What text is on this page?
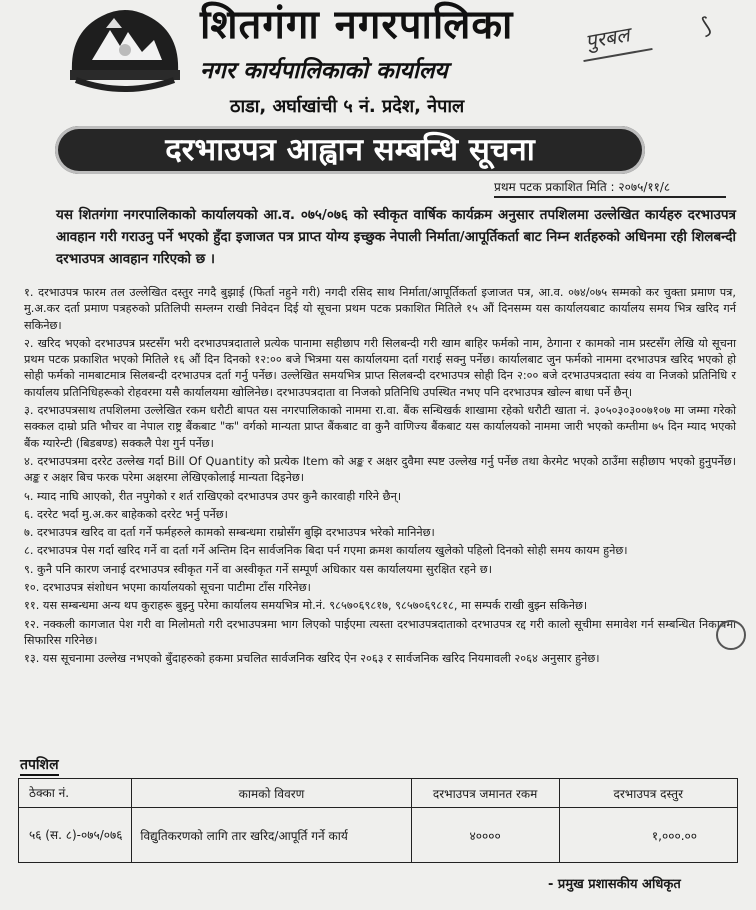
शितगंगा नगरपालिका
नगर कार्यपालिकाको कार्यालय
ठाडा, अर्घाखांची ५ नं. प्रदेश, नेपाल
पुरबल	⟆
दरभाउपत्र आह्वान सम्बन्धि सूचना
प्रथम पटक प्रकाशित मिति : २०७५/११/८
यस शितगंगा नगरपालिकाको कार्यालयको आ.व. ०७५/०७६ को स्वीकृत वार्षिक कार्यक्रम अनुसार तपशिलमा उल्लेखित कार्यहरु दरभाउपत्र आवहान गरी गराउनु पर्ने भएको हुँदा इजाजत पत्र प्राप्त योग्य इच्छुक नेपाली निर्माता/आपूर्तिकर्ता बाट निम्न शर्तहरुको अधिनमा रही शिलबन्दी दरभाउपत्र आवहान गरिएको छ ।

१. दरभाउपत्र फारम तल उल्लेखित दस्तुर नगदै बुझाई (फिर्ता नहुने गरी) नगदी रसिद साथ निर्माता/आपूर्तिकर्ता इजाजत पत्र, आ.व. ०७४/०७५ सम्मको कर चुक्ता प्रमाण पत्र, मु.अ.कर दर्ता प्रमाण पत्रहरुको प्रतिलिपी सम्लग्न राखी निवेदन दिई यो सूचना प्रथम पटक प्रकाशित मितिले १५ औं दिनसम्म यस कार्यालयबाट कार्यालय समय भित्र खरिद गर्न सकिनेछ।

२. खरिद भएको दरभाउपत्र प्रस्टसँग भरी दरभाउपत्रदाताले प्रत्येक पानामा सहीछाप गरी सिलबन्दी गरी खाम बाहिर फर्मको नाम, ठेगाना र कामको नाम प्रस्टसँग लेखि यो सूचना प्रथम पटक प्रकाशित भएको मितिले १६ औं दिन दिनको १२:०० बजे भित्रमा यस कार्यालयमा दर्ता गराई सक्नु पर्नेछ। कार्यालबाट जुन फर्मको नाममा दरभाउपत्र खरिद भएको हो सोही फर्मको नामबाटमात्र सिलबन्दी दरभाउपत्र दर्ता गर्नु पर्नेछ। उल्लेखित समयभित्र प्राप्त सिलबन्दी दरभाउपत्र सोही दिन २:०० बजे दरभाउपत्रदाता स्वंय वा निजको प्रतिनिधि र कार्यालय प्रतिनिधिहरूको रोहवरमा यसै कार्यालयमा खोलिनेछ। दरभाउपत्रदाता वा निजको प्रतिनिधि उपस्थित नभए पनि दरभाउपत्र खोल्न बाधा पर्ने छैन्।

३. दरभाउपत्रसाथ तपशिलमा उल्लेखित रकम धरौटी बापत यस नगरपालिकाको नाममा रा.वा. बैंक सन्धिखर्क शाखामा रहेको धरौटी खाता नं. ३०५०३०३००७१०७ मा जम्मा गरेको सक्कल दाम्रो प्रति भौचर वा नेपाल राष्ट्र बैंकबाट "क" वर्गको मान्यता प्राप्त बैंकबाट वा कुनै वाणिज्य बैंकबाट यस कार्यालयको नाममा जारी भएको कम्तीमा ७५ दिन म्याद भएको बैंक ग्यारेन्टी (बिडबण्ड) सक्कलै पेश गुर्न पर्नेछ।

४. दरभाउपत्रमा दररेट उल्लेख गर्दा Bill Of Quantity को प्रत्येक Item को अङ्क र अक्षर दुवैमा स्पष्ट उल्लेख गर्नु पर्नेछ तथा केरमेट भएको ठाउँमा सहीछाप भएको हुनुपर्नेछ। अङ्क र अक्षर बिच फरक परेमा अक्षरमा लेखिएकोलाई मान्यता दिइनेछ।

५. म्याद नाघि आएको, रीत नपुगेको र शर्त राखिएको दरभाउपत्र उपर कुनै कारवाही गरिने छैन्।

६. दररेट भर्दा मु.अ.कर बाहेकको दररेट भर्नु पर्नेछ।

७. दरभाउपत्र खरिद वा दर्ता गर्ने फर्महरुले कामको सम्बन्धमा राम्रोसँग बुझि दरभाउपत्र भरेको मानिनेछ।

८. दरभाउपत्र पेस गर्दा खरिद गर्ने वा दर्ता गर्ने अन्तिम दिन सार्वजनिक बिदा पर्न गएमा क्रमश कार्यालय खुलेको पहिलो दिनको सोही समय कायम हुनेछ।

९. कुनै पनि कारण जनाई दरभाउपत्र स्वीकृत गर्ने वा अस्वीकृत गर्ने सम्पूर्ण अधिकार यस कार्यालयमा सुरक्षित रहने छ।

१०. दरभाउपत्र संशोधन भएमा कार्यालयको सूचना पाटीमा टाँस गरिनेछ।

११. यस सम्बन्धमा अन्य थप कुराहरू बुझ्नु परेमा कार्यालय समयभित्र मो.नं. ९८५७०६९८१७, ९८५७०६९८१८, मा सम्पर्क राखी बुझ्न सकिनेछ।

१२. नक्कली कागजात पेश गरी वा मिलोमतो गरी दरभाउपत्रमा भाग लिएको पाईएमा त्यस्ता दरभाउपत्रदाताको दरभाउपत्र रद्द गरी कालो सूचीमा समावेश गर्न सम्बन्धित निकायमा सिफारिस गरिनेछ।

१३. यस सूचनामा उल्लेख नभएको बुँदाहरुको हकमा प्रचलित सार्वजनिक खरिद ऐन २०६३ र सार्वजनिक खरिद नियमावली २०६४ अनुसार हुनेछ।

तपशिल
ठेक्का नं.	कामको विवरण	दरभाउपत्र जमानत रकम	दरभाउपत्र दस्तुर
५६ (स. ८)-०७५/०७६	विद्युतिकरणको लागि तार खरिद/आपूर्ति गर्ने कार्य	४००००	१,०००.००
- प्रमुख प्रशासकीय अधिकृत
